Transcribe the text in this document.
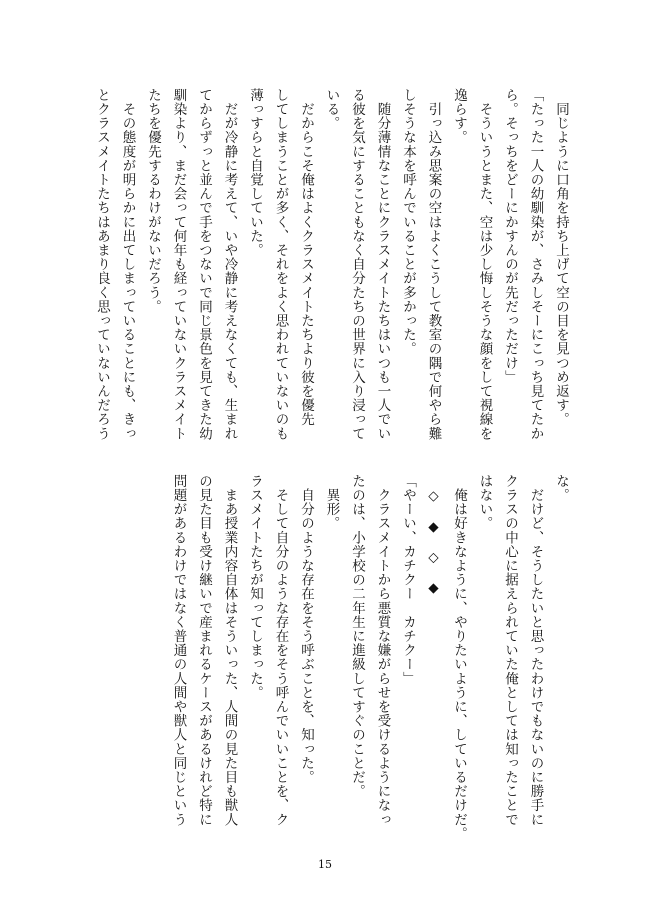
　同じように口角を持ち上げて空の目を見つめ返す。
「たった一人の幼馴染が、さみしそーにこっち見てたか
ら。そっちをどーにかすんのが先だっただけ」
　そういうとまた、空は少し悔しそうな顔をして視線を
逸らす。
　引っ込み思案の空はよくこうして教室の隅で何やら難
しそうな本を呼んでいることが多かった。
　随分薄情なことにクラスメイトたちはいつも一人でい
る彼を気にすることもなく自分たちの世界に入り浸って
いる。
　だからこそ俺はよくクラスメイトたちより彼を優先
してしまうことが多く、それをよく思われていないのも
薄っすらと自覚していた。
　だが冷静に考えて、いや冷静に考えなくても、生まれ
てからずっと並んで手をつないで同じ景色を見てきた幼
馴染より、まだ会って何年も経っていないクラスメイト
たちを優先するわけがないだろう。
　その態度が明らかに出てしまっていることにも、きっ
とクラスメイトたちはあまり良く思っていないんだろう
な。
　だけど、そうしたいと思ったわけでもないのに勝手に
クラスの中心に据えられていた俺としては知ったことで
はない。
　俺は好きなように、やりたいように、しているだけだ。
　◇　◆　◇　◆
「やーい、カチクー　カチクー」
　クラスメイトから悪質な嫌がらせを受けるようになっ
たのは、小学校の二年生に進級してすぐのことだ。
　異形。
　自分のような存在をそう呼ぶことを、知った。
　そして自分のような存在をそう呼んでいいことを、ク
ラスメイトたちが知ってしまった。
　まあ授業内容自体はそういった、人間の見た目も獣人
の見た目も受け継いで産まれるケースがあるけれど特に
問題があるわけではなく普通の人間や獣人と同じという
15
